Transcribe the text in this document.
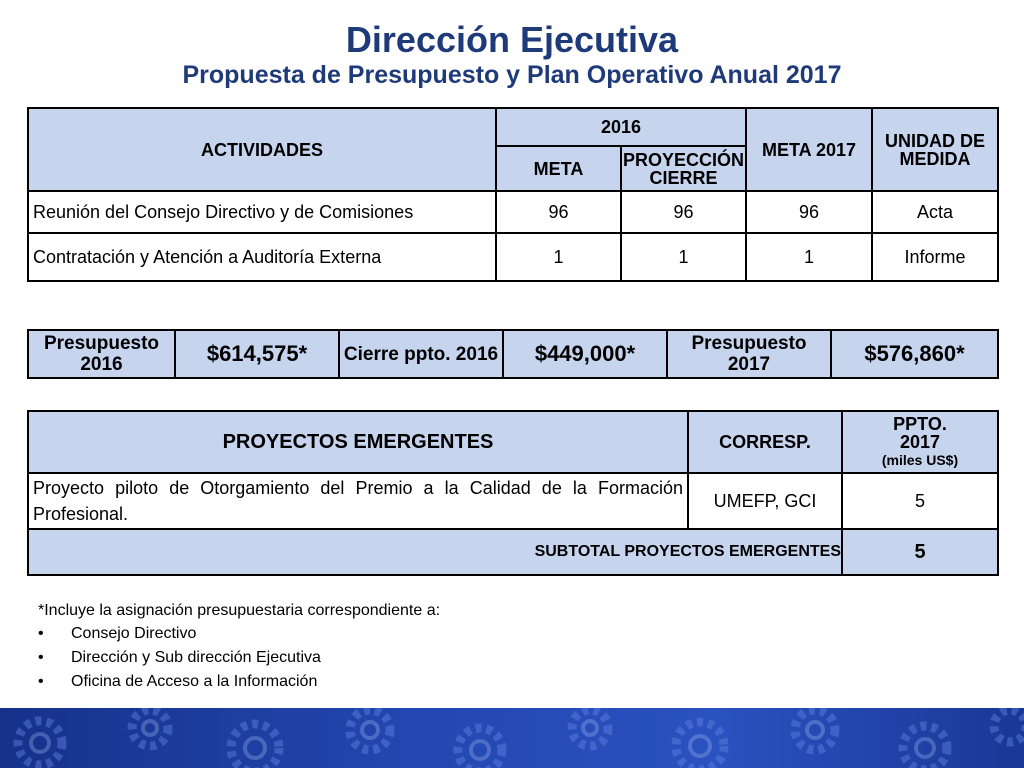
Dirección Ejecutiva
Propuesta de Presupuesto y Plan Operativo Anual 2017
ACTIVIDADES	2016		META 2017	UNIDAD DE MEDIDA
	META	PROYECCIÓN CIERRE		
Reunión del Consejo Directivo y de Comisiones	96	96	96	Acta
Contratación y Atención a Auditoría Externa	1	1	1	Informe
Presupuesto 2016	$614,575*	Cierre ppto. 2016	$449,000*	Presupuesto 2017	$576,860*
PROYECTOS EMERGENTES	CORRESP.	PPTO.
2017
(miles US$)

Proyecto piloto de Otorgamiento del Premio a la Calidad de la Formación Profesional.	UMEFP, GCI	5
SUBTOTAL PROYECTOS EMERGENTES		5
*Incluye la asignación presupuestaria correspondiente a:
• Consejo Directivo
• Dirección y Sub dirección Ejecutiva
• Oficina de Acceso a la Información
